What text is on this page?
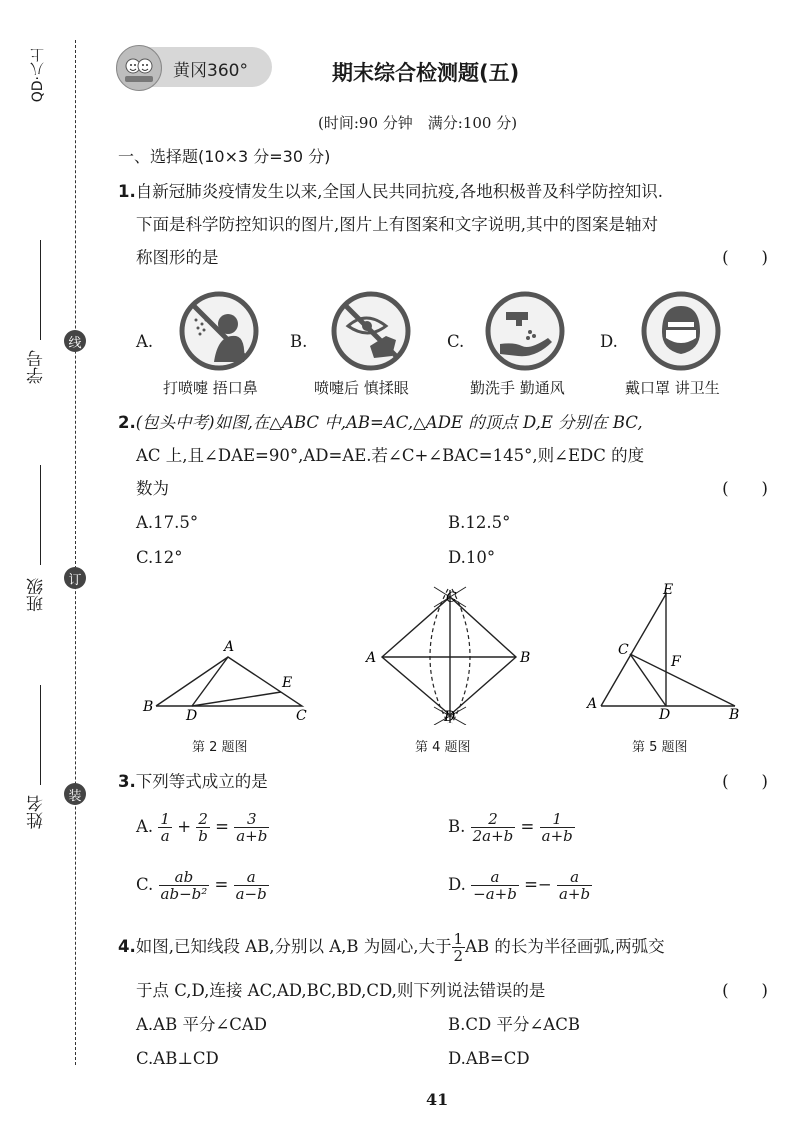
QD·八上
线
订
装
学号
班级
姓名
黄冈360°	期末综合检测题(五)
(时间:90 分钟　满分:100 分)
一、选择题(10×3 分=30 分)
1.自新冠肺炎疫情发生以来,全国人民共同抗疫,各地积极普及科学防控知识.
下面是科学防控知识的图片,图片上有图案和文字说明,其中的图案是轴对
称图形的是	(　　)
A.
打喷嚏 捂口鼻
B.
喷嚏后 慎揉眼
C.
勤洗手 勤通风
D.
戴口罩 讲卫生
2.(包头中考)如图,在△ABC 中,AB=AC,△ADE 的顶点 D,E 分别在 BC,
AC 上,且∠DAE=90°,AD=AE.若∠C+∠BAC=145°,则∠EDC 的度
数为	(　　)
A.17.5°	B.12.5°
C.12°	D.10°
A
B
C
D
E
第 2 题图
A	B
C
D
第 4 题图
A
B
C
D
E
F
第 5 题图
3.下列等式成立的是	(　　)
A. $\frac{1}{a} + \frac{2}{b} = \frac{3}{a+b}$	B. $\frac{2}{2a+b} = \frac{1}{a+b}$
C. $\frac{ab}{\text{ab−b²}} = \frac{a}{a-b}$	D. $\frac{a}{-a+b} =- \frac{a}{a+b}$
4.如图,已知线段 AB,分别以 A,B 为圆心,大于 $\frac{1}{2}$ AB 的长为半径画弧,两弧交
于点 C,D,连接 AC,AD,BC,BD,CD,则下列说法错误的是	(　　)
A.AB 平分∠CAD	B.CD 平分∠ACB
C.AB⊥CD	D.AB=CD
41
